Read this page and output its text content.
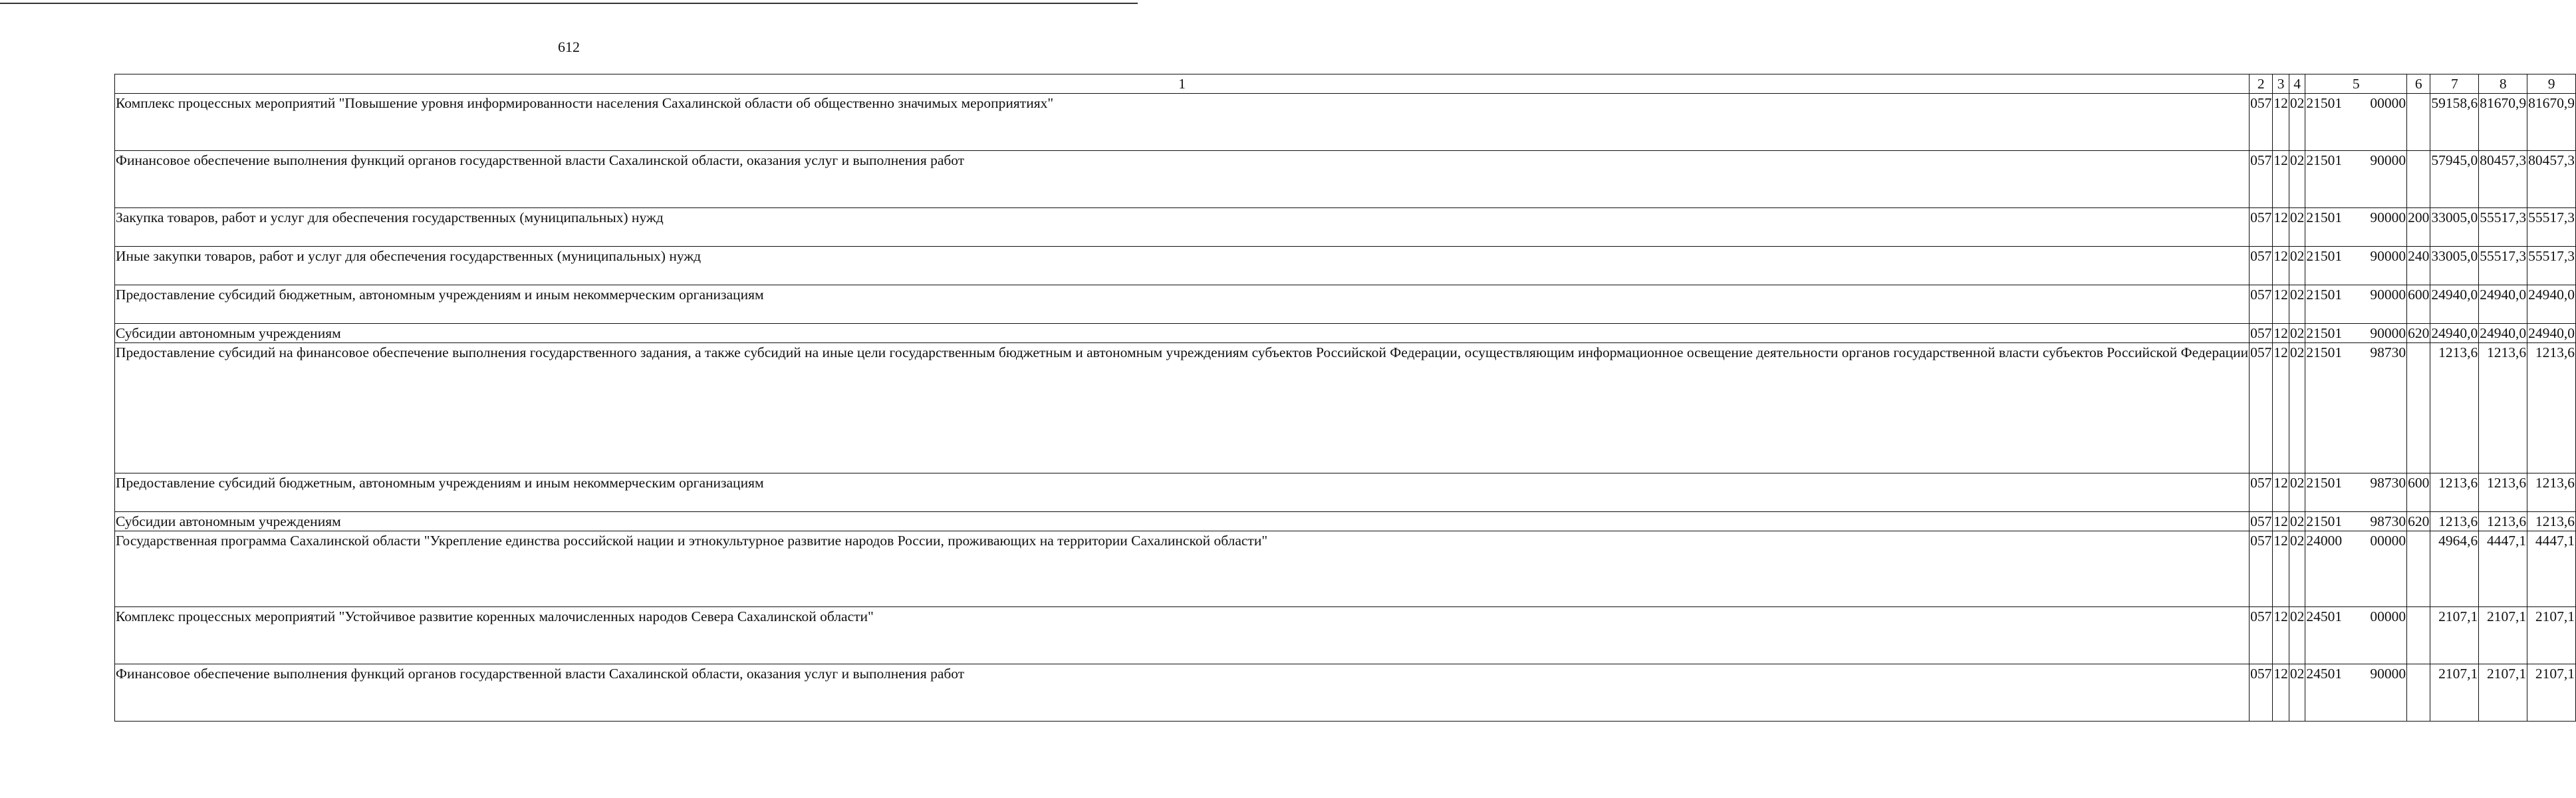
612
1	2	3	4	5	6	7	8	9
Комплекс процессных мероприятий "Повышение уровня информированности населения Сахалинской области об общественно значимых мероприятиях"	057	12	02	21501 00000		59158,6	81670,9	81670,9
Финансовое обеспечение выполнения функций органов государственной власти Сахалинской области, оказания услуг и выполнения работ	057	12	02	21501 90000		57945,0	80457,3	80457,3
Закупка товаров, работ и услуг для обеспечения государственных (муниципальных) нужд	057	12	02	21501 90000	200	33005,0	55517,3	55517,3
Иные закупки товаров, работ и услуг для обеспечения государственных (муниципальных) нужд	057	12	02	21501 90000	240	33005,0	55517,3	55517,3
Предоставление субсидий бюджетным, автономным учреждениям и иным некоммерческим организациям	057	12	02	21501 90000	600	24940,0	24940,0	24940,0
Субсидии автономным учреждениям	057	12	02	21501 90000	620	24940,0	24940,0	24940,0
Предоставление субсидий на финансовое обеспечение выполнения государственного задания, а также субсидий на иные цели государственным бюджетным и автономным учреждениям субъектов Российской Федерации, осуществляющим информационное освещение деятельности органов государственной власти субъектов Российской Федерации	057	12	02	21501 98730		1213,6	1213,6	1213,6
Предоставление субсидий бюджетным, автономным учреждениям и иным некоммерческим организациям	057	12	02	21501 98730	600	1213,6	1213,6	1213,6
Субсидии автономным учреждениям	057	12	02	21501 98730	620	1213,6	1213,6	1213,6
Государственная программа Сахалинской области "Укрепление единства российской нации и этнокультурное развитие народов России, проживающих на территории Сахалинской области"	057	12	02	24000 00000		4964,6	4447,1	4447,1
Комплекс процессных мероприятий "Устойчивое развитие коренных малочисленных народов Севера Сахалинской области"	057	12	02	24501 00000		2107,1	2107,1	2107,1
Финансовое обеспечение выполнения функций органов государственной власти Сахалинской области, оказания услуг и выполнения работ	057	12	02	24501 90000		2107,1	2107,1	2107,1
